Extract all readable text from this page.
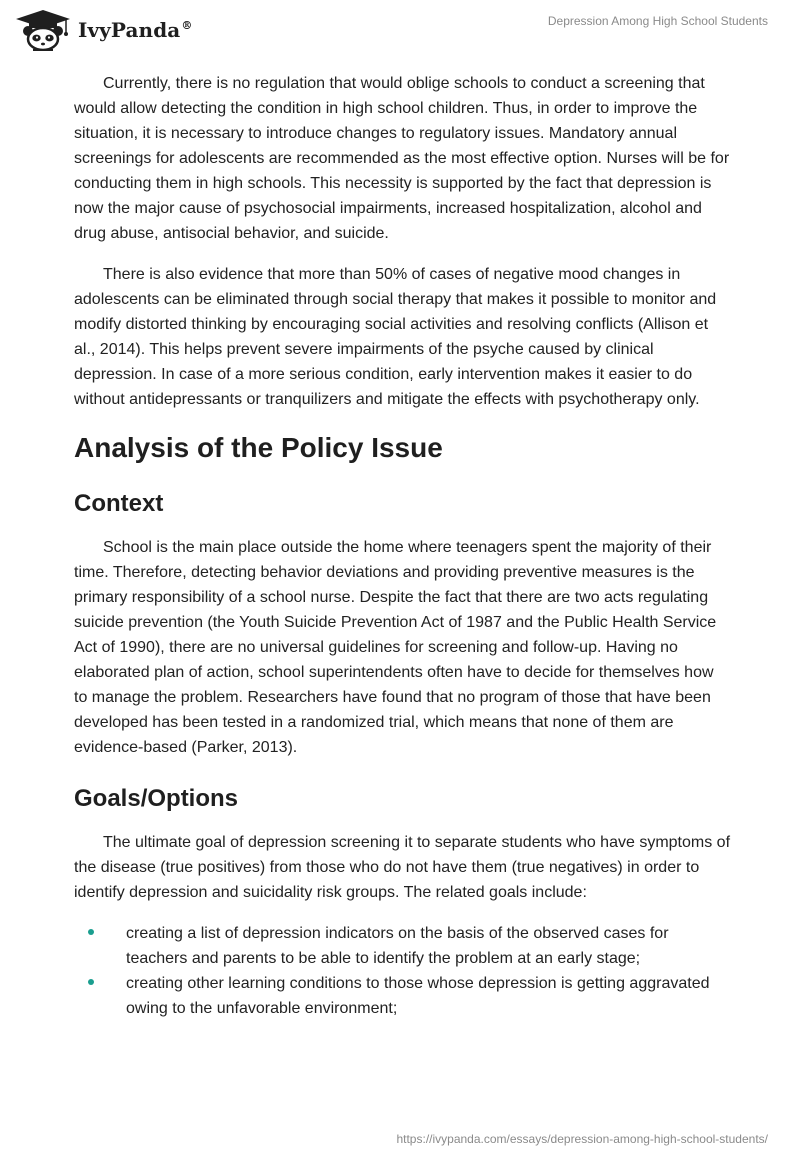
IvyPanda®	Depression Among High School Students

Currently, there is no regulation that would oblige schools to conduct a screening that would allow detecting the condition in high school children. Thus, in order to improve the situation, it is necessary to introduce changes to regulatory issues. Mandatory annual screenings for adolescents are recommended as the most effective option. Nurses will be for conducting them in high schools. This necessity is supported by the fact that depression is now the major cause of psychosocial impairments, increased hospitalization, alcohol and drug abuse, antisocial behavior, and suicide.

There is also evidence that more than 50% of cases of negative mood changes in adolescents can be eliminated through social therapy that makes it possible to monitor and modify distorted thinking by encouraging social activities and resolving conflicts (Allison et al., 2014). This helps prevent severe impairments of the psyche caused by clinical depression. In case of a more serious condition, early intervention makes it easier to do without antidepressants or tranquilizers and mitigate the effects with psychotherapy only.

Analysis of the Policy Issue
Context

School is the main place outside the home where teenagers spent the majority of their time. Therefore, detecting behavior deviations and providing preventive measures is the primary responsibility of a school nurse. Despite the fact that there are two acts regulating suicide prevention (the Youth Suicide Prevention Act of 1987 and the Public Health Service Act of 1990), there are no universal guidelines for screening and follow-up. Having no elaborated plan of action, school superintendents often have to decide for themselves how to manage the problem. Researchers have found that no program of those that have been developed has been tested in a randomized trial, which means that none of them are evidence-based (Parker, 2013).

Goals/Options

The ultimate goal of depression screening it to separate students who have symptoms of the disease (true positives) from those who do not have them (true negatives) in order to identify depression and suicidality risk groups. The related goals include:

creating a list of depression indicators on the basis of the observed cases for teachers and parents to be able to identify the problem at an early stage;
creating other learning conditions to those whose depression is getting aggravated owing to the unfavorable environment;
https://ivypanda.com/essays/depression-among-high-school-students/
